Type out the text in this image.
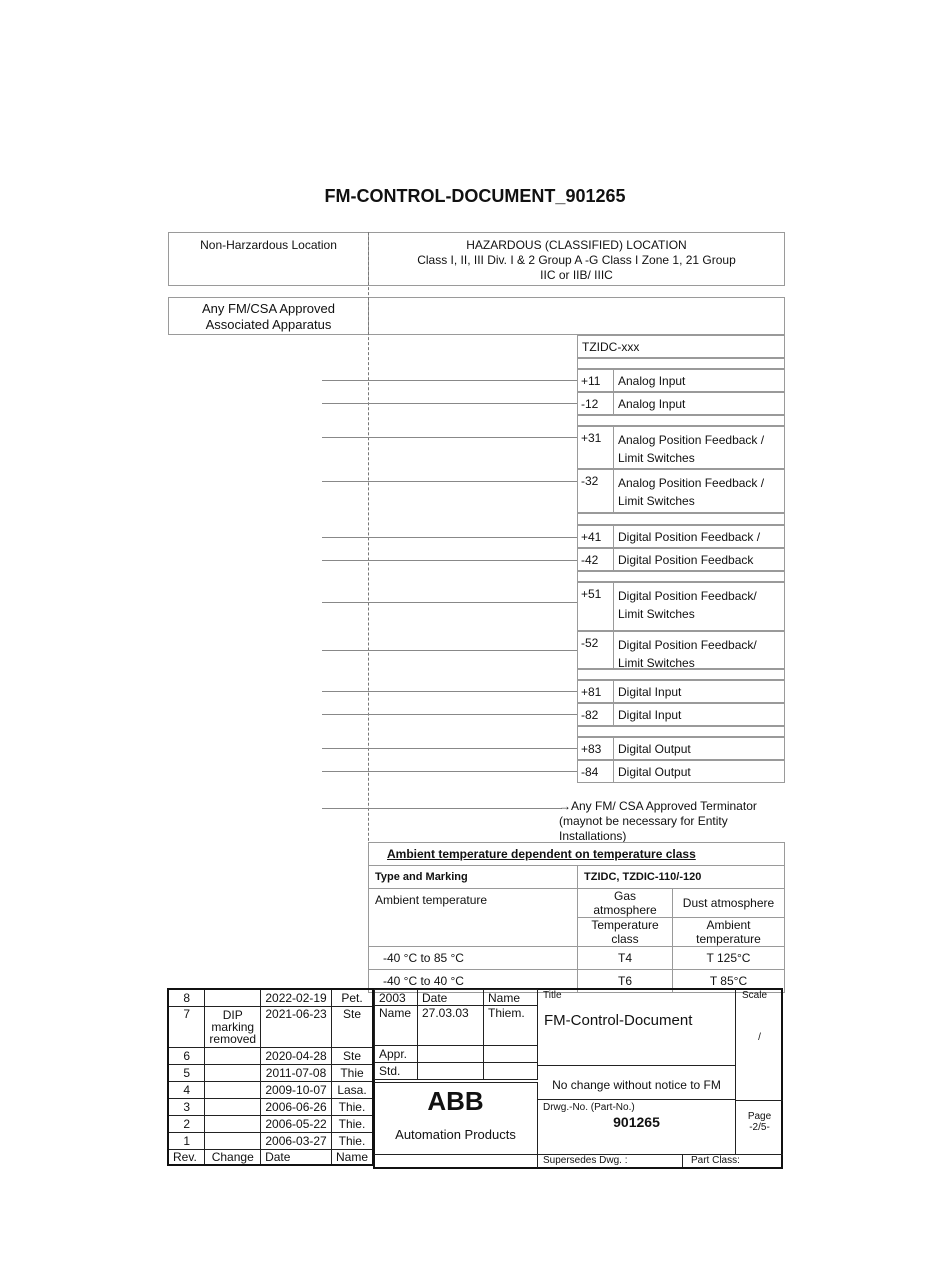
FM-CONTROL-DOCUMENT_901265
Non-Harzardous Location	HAZARDOUS (CLASSIFIED) LOCATION
Class I, II, III Div. I & 2 Group A -G Class I Zone 1, 21 Group
IIC or IIB/ IIIC
Any FM/CSA Approved
Associated Apparatus
TZIDC-xxx
+11 Analog Input
-12 Analog Input
+31 Analog Position Feedback / Limit Switches
-32 Analog Position Feedback / Limit Switches
+41 Digital Position Feedback /
-42 Digital Position Feedback
+51 Digital Position Feedback/ Limit Switches
-52 Digital Position Feedback/ Limit Switches
+81 Digital Input
-82 Digital Input
+83 Digital Output
-84 Digital Output
→Any FM/ CSA Approved Terminator (maynot be necessary for Entity Installations)
Ambient temperature dependent on temperature class		
Type and Marking	TZIDC, TZDIC-110/-120	
Ambient temperature	Gas atmosphere	Dust atmosphere
	Temperature class	Ambient temperature
-40 °C to 85 °C	T4	T 125°C
-40 °C to 40 °C	T6	T 85°C
8		2022-02-19	Pet.
7	DIP marking removed	2021-06-23	Ste
6		2020-04-28	Ste
5		2011-07-08	Thie
4		2009-10-07	Lasa.
3		2006-06-26	Thie.
2		2006-05-22	Thie.
1		2006-03-27	Thie.
Rev.	Change	Date	Name
2003	Date	Name
Name	27.03.03	Thiem.
Appr.		
Std.		
ABB
Automation Products
Title
FM-Control-Document
Scale
/
No change without notice to FM
Drwg.-No. (Part-No.)
901265	Page
-2/5-
Supersedes Dwg. :	Part Class:
